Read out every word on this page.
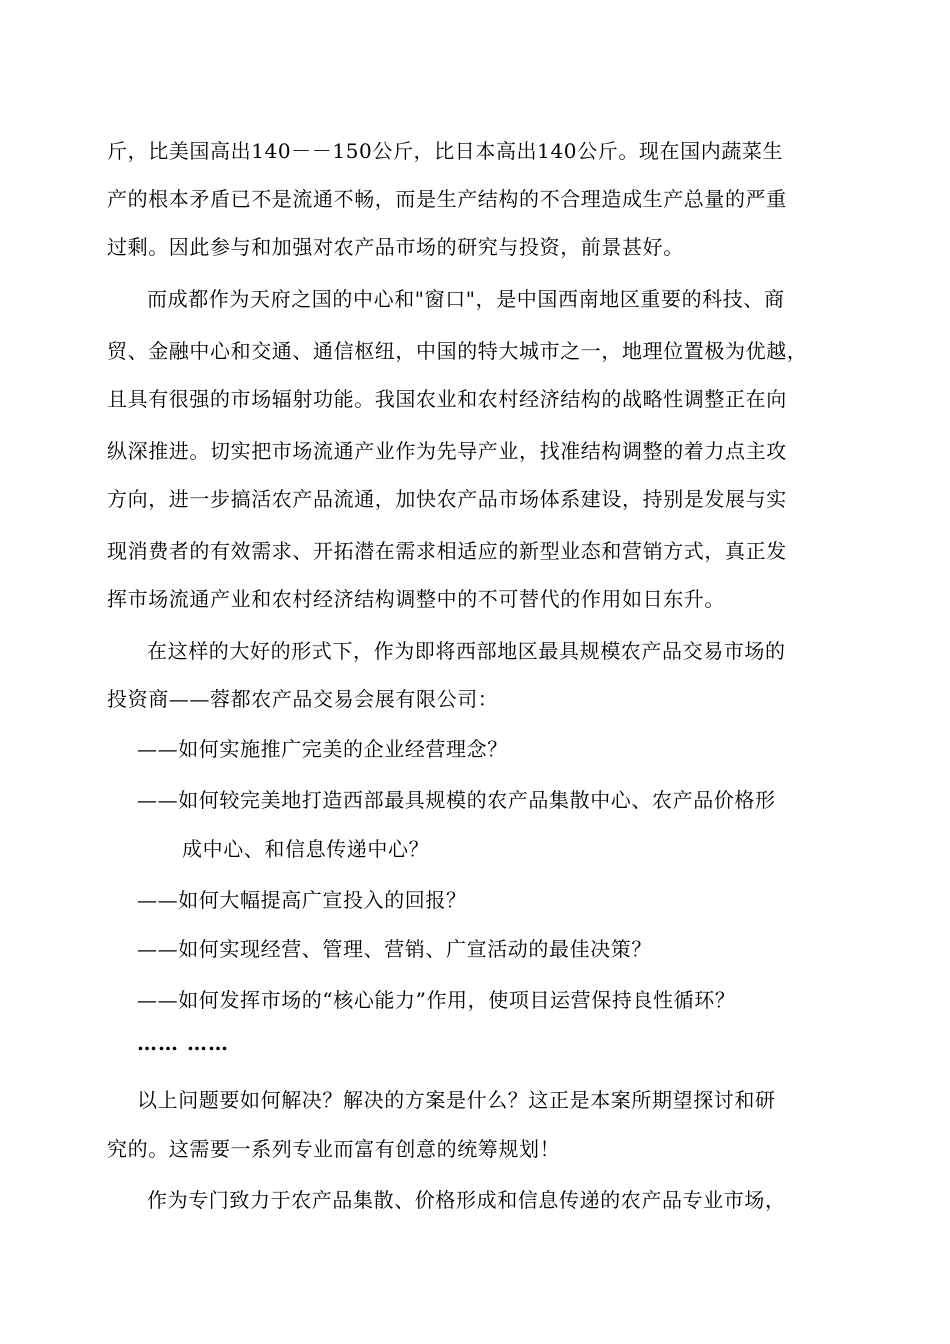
斤，比美国高出140－－150公斤，比日本高出140公斤。现在国内蔬菜生
产的根本矛盾已不是流通不畅，而是生产结构的不合理造成生产总量的严重
过剩。因此参与和加强对农产品市场的研究与投资，前景甚好。
而成都作为天府之国的中心和"窗口"，是中国西南地区重要的科技、商
贸、金融中心和交通、通信枢纽，中国的特大城市之一，地理位置极为优越，
且具有很强的市场辐射功能。我国农业和农村经济结构的战略性调整正在向
纵深推进。切实把市场流通产业作为先导产业，找准结构调整的着力点主攻
方向，进一步搞活农产品流通，加快农产品市场体系建设，持别是发展与实
现消费者的有效需求、开拓潜在需求相适应的新型业态和营销方式，真正发
挥市场流通产业和农村经济结构调整中的不可替代的作用如日东升。
在这样的大好的形式下，作为即将西部地区最具规模农产品交易市场的
投资商——蓉都农产品交易会展有限公司：
——如何实施推广完美的企业经营理念？
——如何较完美地打造西部最具规模的农产品集散中心、农产品价格形
成中心、和信息传递中心？
——如何大幅提高广宣投入的回报？
——如何实现经营、管理、营销、广宣活动的最佳决策？
——如何发挥市场的“核心能力”作用，使项目运营保持良性循环？
…… ……
以上问题要如何解决？解决的方案是什么？这正是本案所期望探讨和研
究的。这需要一系列专业而富有创意的统筹规划！
作为专门致力于农产品集散、价格形成和信息传递的农产品专业市场，
